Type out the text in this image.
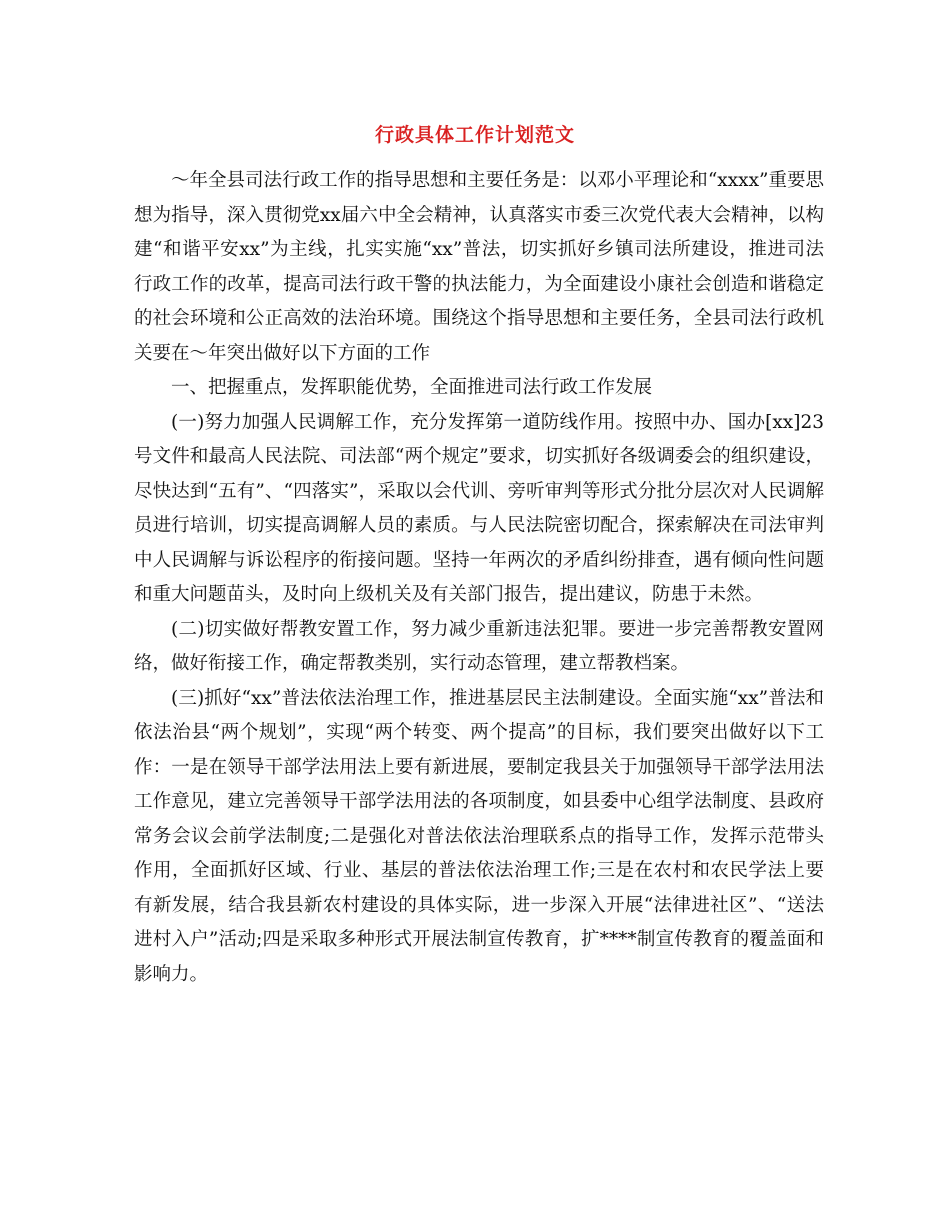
行政具体工作计划范文

～年全县司法行政工作的指导思想和主要任务是：以邓小平理论和“xxxx”重要思想为指导，深入贯彻党xx届六中全会精神，认真落实市委三次党代表大会精神，以构建“和谐平安xx”为主线，扎实实施“xx”普法，切实抓好乡镇司法所建设，推进司法行政工作的改革，提高司法行政干警的执法能力，为全面建设小康社会创造和谐稳定的社会环境和公正高效的法治环境。围绕这个指导思想和主要任务，全县司法行政机关要在～年突出做好以下方面的工作

一、把握重点，发挥职能优势，全面推进司法行政工作发展

(一)努力加强人民调解工作，充分发挥第一道防线作用。按照中办、国办[xx]23号文件和最高人民法院、司法部“两个规定”要求，切实抓好各级调委会的组织建设，尽快达到“五有”、“四落实”，采取以会代训、旁听审判等形式分批分层次对人民调解员进行培训，切实提高调解人员的素质。与人民法院密切配合，探索解决在司法审判中人民调解与诉讼程序的衔接问题。坚持一年两次的矛盾纠纷排查，遇有倾向性问题和重大问题苗头，及时向上级机关及有关部门报告，提出建议，防患于未然。

(二)切实做好帮教安置工作，努力减少重新违法犯罪。要进一步完善帮教安置网络，做好衔接工作，确定帮教类别，实行动态管理，建立帮教档案。

(三)抓好“xx”普法依法治理工作，推进基层民主法制建设。全面实施“xx”普法和依法治县“两个规划”，实现“两个转变、两个提高”的目标，我们要突出做好以下工作：一是在领导干部学法用法上要有新进展，要制定我县关于加强领导干部学法用法工作意见，建立完善领导干部学法用法的各项制度，如县委中心组学法制度、县政府常务会议会前学法制度;二是强化对普法依法治理联系点的指导工作，发挥示范带头作用，全面抓好区域、行业、基层的普法依法治理工作;三是在农村和农民学法上要有新发展，结合我县新农村建设的具体实际，进一步深入开展“法律进社区”、“送法进村入户”活动;四是采取多种形式开展法制宣传教育，扩****制宣传教育的覆盖面和影响力。
